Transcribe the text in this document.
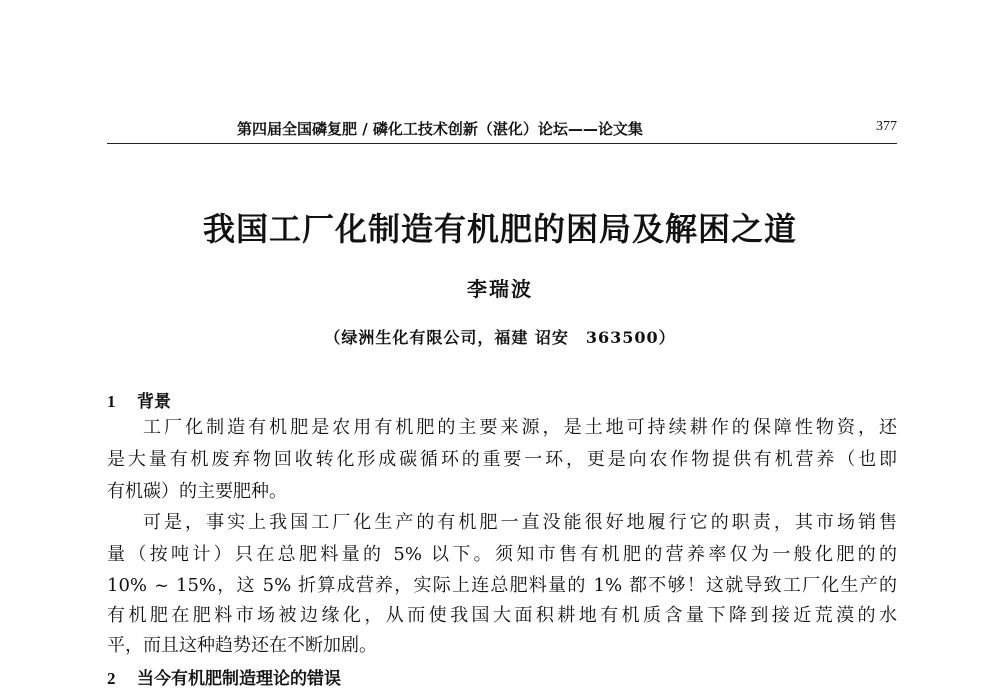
第四届全国磷复肥 / 磷化工技术创新（湛化）论坛——论文集	377
我国工厂化制造有机肥的困局及解困之道
李瑞波
（绿洲生化有限公司，福建 诏安　363500）
1 背景
工厂化制造有机肥是农用有机肥的主要来源，是土地可持续耕作的保障性物资，还
是大量有机废弃物回收转化形成碳循环的重要一环，更是向农作物提供有机营养（也即
有机碳）的主要肥种。
可是，事实上我国工厂化生产的有机肥一直没能很好地履行它的职责，其市场销售
量（按吨计）只在总肥料量的 5% 以下。须知市售有机肥的营养率仅为一般化肥的的
10% ~ 15%，这 5% 折算成营养，实际上连总肥料量的 1% 都不够！这就导致工厂化生产的
有机肥在肥料市场被边缘化，从而使我国大面积耕地有机质含量下降到接近荒漠的水
平，而且这种趋势还在不断加剧。
2 当今有机肥制造理论的错误
